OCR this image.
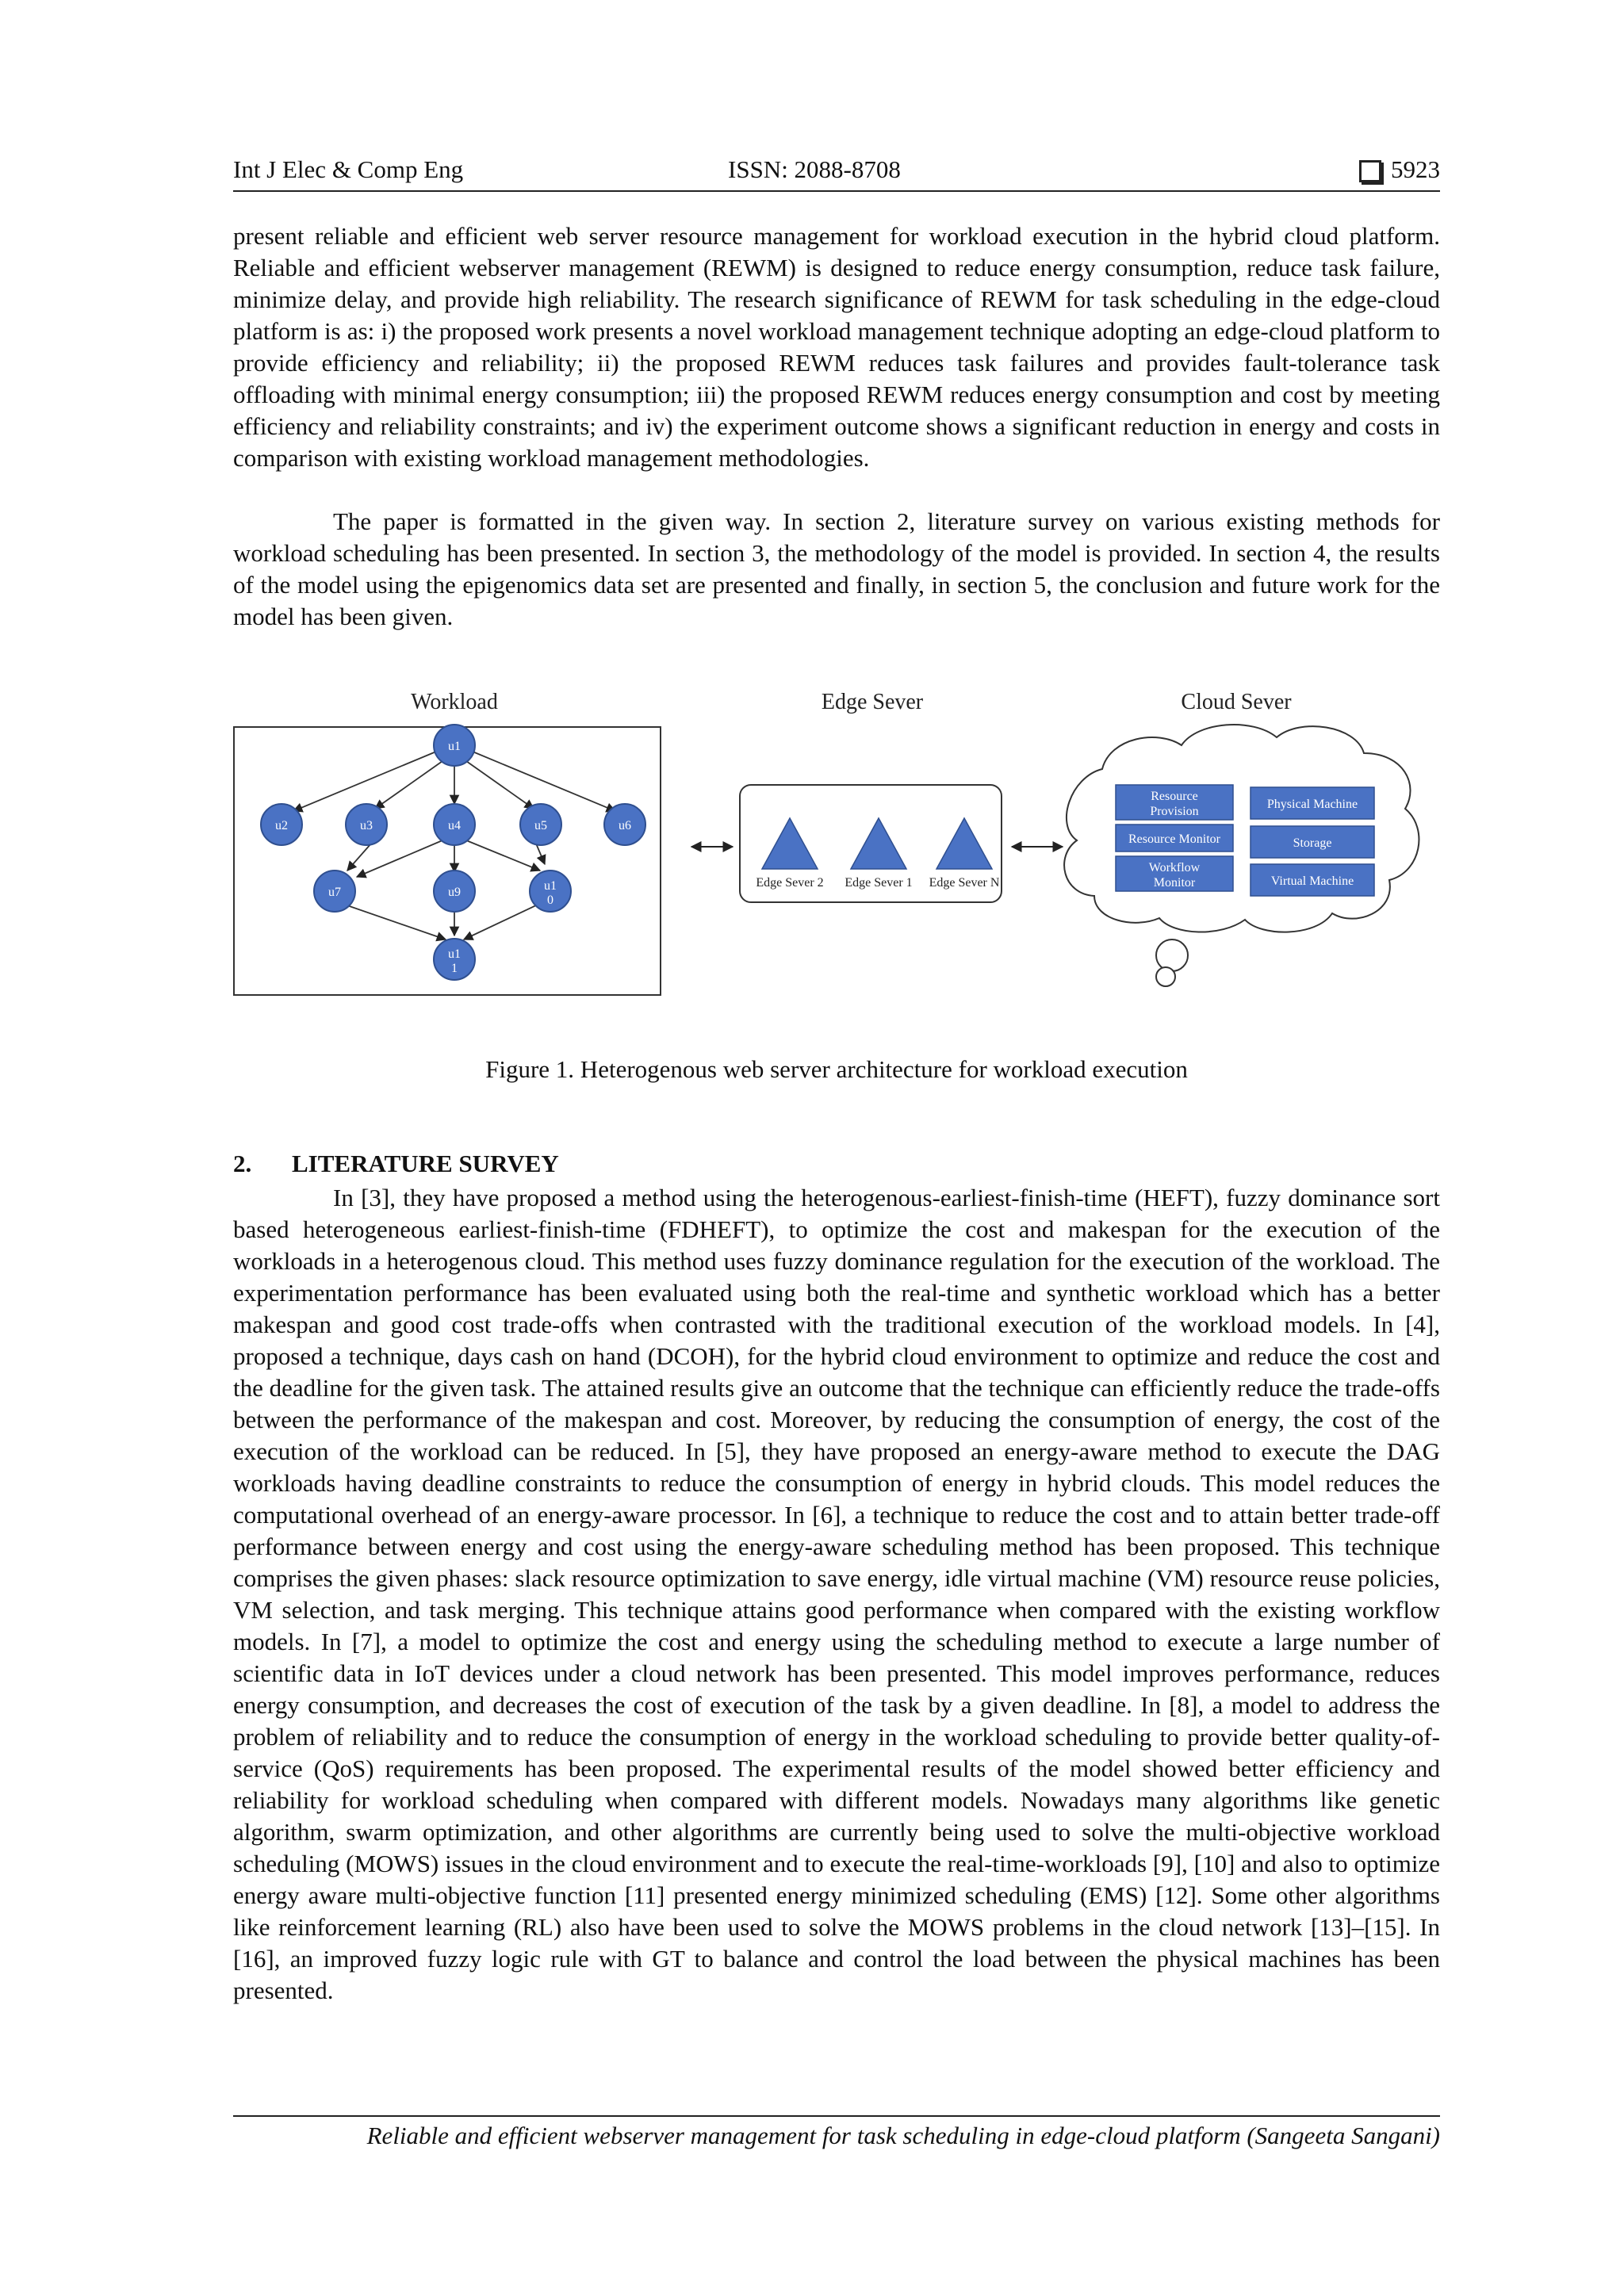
Int J Elec & Comp Eng	ISSN: 2088-8708	5923

present reliable and efficient web server resource management for workload execution in the hybrid cloud platform. Reliable and efficient webserver management (REWM) is designed to reduce energy consumption, reduce task failure, minimize delay, and provide high reliability. The research significance of REWM for task scheduling in the edge-cloud platform is as: i) the proposed work presents a novel workload management technique adopting an edge-cloud platform to provide efficiency and reliability; ii) the proposed REWM reduces task failures and provides fault-tolerance task offloading with minimal energy consumption; iii) the proposed REWM reduces energy consumption and cost by meeting efficiency and reliability constraints; and iv) the experiment outcome shows a significant reduction in energy and costs in comparison with existing workload management methodologies.

The paper is formatted in the given way. In section 2, literature survey on various existing methods for workload scheduling has been presented. In section 3, the methodology of the model is provided. In section 4, the results of the model using the epigenomics data set are presented and finally, in section 5, the conclusion and future work for the model has been given.

Workload	Edge Sever	Cloud Sever
u1
u2	u3	u4	u5	u6
u7	u9	u1
0
u1
1
Edge Sever 2 Edge Sever 1 Edge Sever N
Resource
Provision
Resource Monitor
Workflow
Monitor
Physical Machine
Storage
Virtual Machine
Figure 1. Heterogenous web server architecture for workload execution
2. LITERATURE SURVEY

In [3], they have proposed a method using the heterogenous-earliest-finish-time (HEFT), fuzzy dominance sort based heterogeneous earliest-finish-time (FDHEFT), to optimize the cost and makespan for the execution of the workloads in a heterogenous cloud. This method uses fuzzy dominance regulation for the execution of the workload. The experimentation performance has been evaluated using both the real-time and synthetic workload which has a better makespan and good cost trade-offs when contrasted with the traditional execution of the workload models. In [4], proposed a technique, days cash on hand (DCOH), for the hybrid cloud environment to optimize and reduce the cost and the deadline for the given task. The attained results give an outcome that the technique can efficiently reduce the trade-offs between the performance of the makespan and cost. Moreover, by reducing the consumption of energy, the cost of the execution of the workload can be reduced. In [5], they have proposed an energy-aware method to execute the DAG workloads having deadline constraints to reduce the consumption of energy in hybrid clouds. This model reduces the computational overhead of an energy-aware processor. In [6], a technique to reduce the cost and to attain better trade-off performance between energy and cost using the energy-aware scheduling method has been proposed. This technique comprises the given phases: slack resource optimization to save energy, idle virtual machine (VM) resource reuse policies, VM selection, and task merging. This technique attains good performance when compared with the existing workflow models. In [7], a model to optimize the cost and energy using the scheduling method to execute a large number of scientific data in IoT devices under a cloud network has been presented. This model improves performance, reduces energy consumption, and decreases the cost of execution of the task by a given deadline. In [8], a model to address the problem of reliability and to reduce the consumption of energy in the workload scheduling to provide better quality-of-service (QoS) requirements has been proposed. The experimental results of the model showed better efficiency and reliability for workload scheduling when compared with different models. Nowadays many algorithms like genetic algorithm, swarm optimization, and other algorithms are currently being used to solve the multi-objective workload scheduling (MOWS) issues in the cloud environment and to execute the real-time-workloads [9], [10] and also to optimize energy aware multi-objective function [11] presented energy minimized scheduling (EMS) [12]. Some other algorithms like reinforcement learning (RL) also have been used to solve the MOWS problems in the cloud network [13]–[15]. In [16], an improved fuzzy logic rule with GT to balance and control the load between the physical machines has been presented.

Reliable and efficient webserver management for task scheduling in edge-cloud platform (Sangeeta Sangani)
